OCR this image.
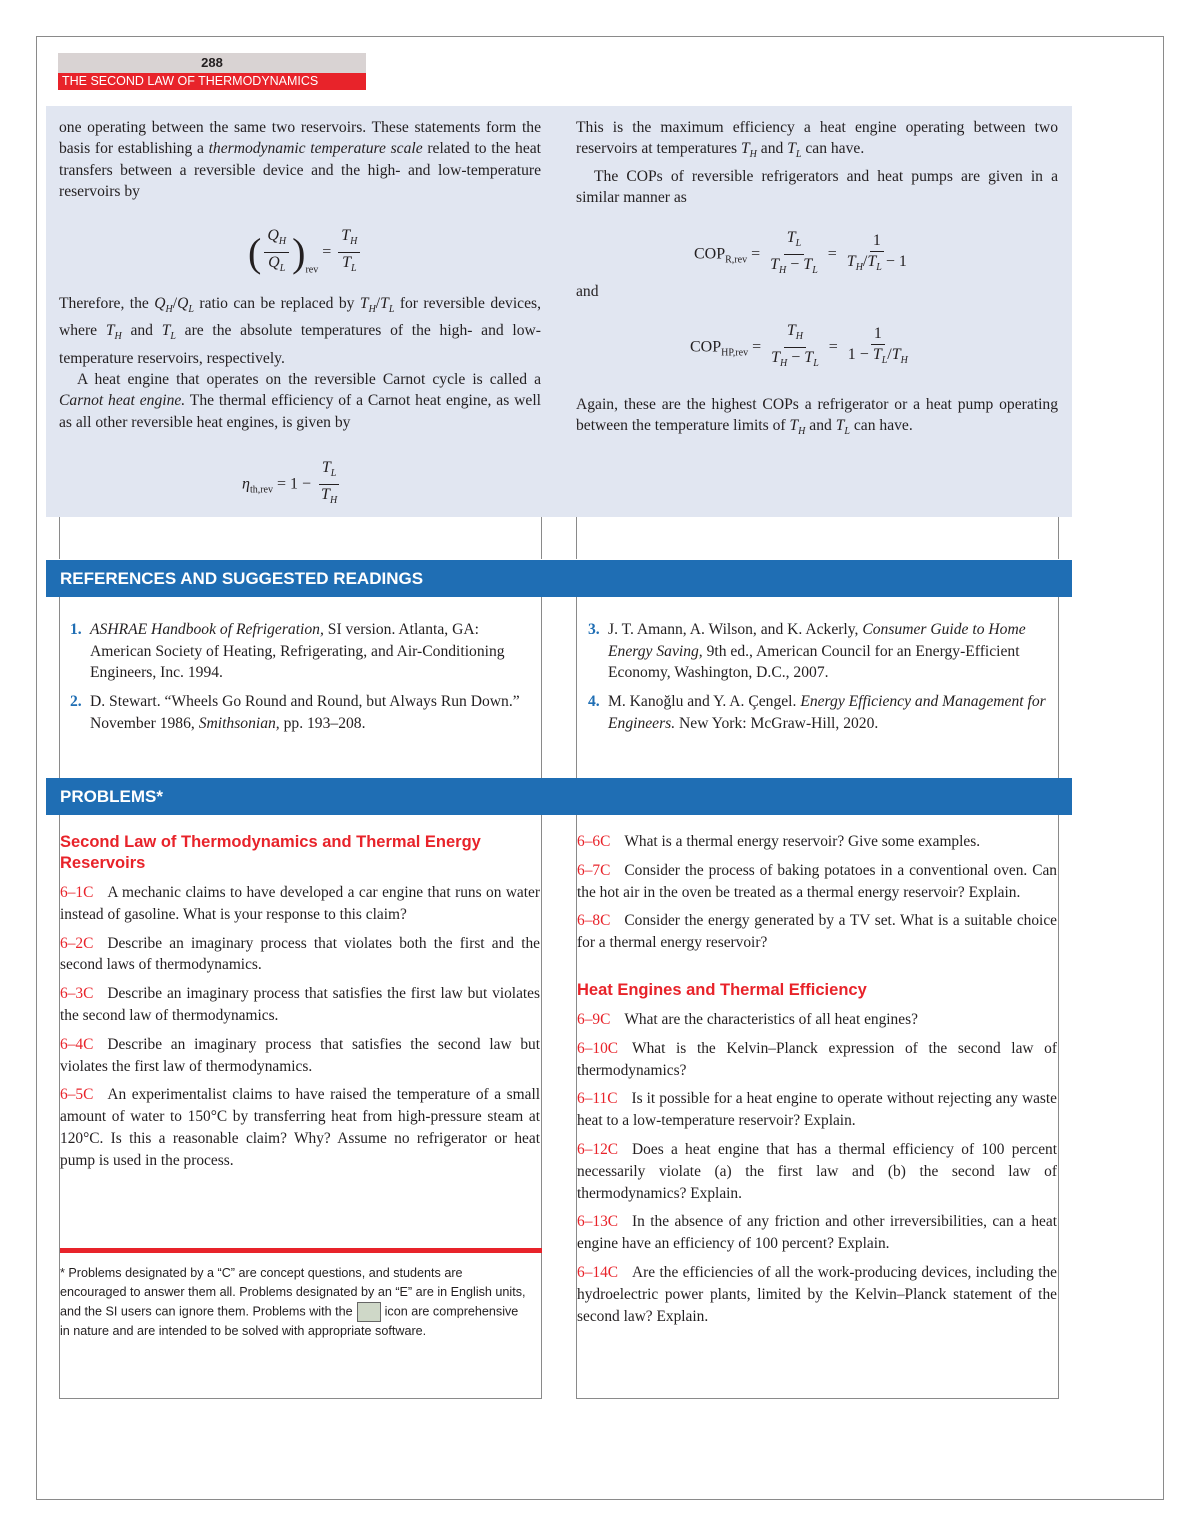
288
THE SECOND LAW OF THERMODYNAMICS

one operating between the same two reservoirs. These statements form the basis for establishing a thermodynamic temperature scale related to the heat transfers between a reversible device and the high- and low-temperature reservoirs by

( $\frac{Q_H}{Q_L} )_{rev} = \frac{T_H}{T_L}$

Therefore, the $Q_H/Q_L$ ratio can be replaced by $T_H/T_L$ for reversible devices, where $T_H$ and $T_L$ are the absolute temperatures of the high- and low-temperature reservoirs, respectively.

A heat engine that operates on the reversible Carnot cycle is called a Carnot heat engine. The thermal efficiency of a Carnot heat engine, as well as all other reversible heat engines, is given by

$\eta_{th,rev} = 1 - \frac{T_L}{T_H}$

This is the maximum efficiency a heat engine operating between two reservoirs at temperatures $T_H$ and $T_L$ can have.

The COPs of reversible refrigerators and heat pumps are given in a similar manner as

$COP_{R,rev} = \frac{T_L}{T_H - T_L} = \frac{1}{T_H/T_L - 1}$

and

$COP_{HP,rev} = \frac{T_H}{T_H - T_L} = \frac{1}{1 - T_L/T_H}$

Again, these are the highest COPs a refrigerator or a heat pump operating between the temperature limits of $T_H$ and $T_L$ can have.

REFERENCES AND SUGGESTED READINGS
1. ASHRAE Handbook of Refrigeration, SI version. Atlanta, GA: American Society of Heating, Refrigerating, and Air-Conditioning Engineers, Inc. 1994.
2. D. Stewart. “Wheels Go Round and Round, but Always Run Down.” November 1986, Smithsonian, pp. 193–208.
3. J. T. Amann, A. Wilson, and K. Ackerly, Consumer Guide to Home Energy Saving, 9th ed., American Council for an Energy-Efficient Economy, Washington, D.C., 2007.
4. M. Kanoğlu and Y. A. Çengel. Energy Efficiency and Management for Engineers. New York: McGraw-Hill, 2020.
PROBLEMS*
Second Law of Thermodynamics and Thermal Energy Reservoirs
6–1C A mechanic claims to have developed a car engine that runs on water instead of gasoline. What is your response to this claim?
6–2C Describe an imaginary process that violates both the first and the second laws of thermodynamics.
6–3C Describe an imaginary process that satisfies the first law but violates the second law of thermodynamics.
6–4C Describe an imaginary process that satisfies the second law but violates the first law of thermodynamics.
6–5C An experimentalist claims to have raised the temperature of a small amount of water to 150°C by transferring heat from high-pressure steam at 120°C. Is this a reasonable claim? Why? Assume no refrigerator or heat pump is used in the process.
* Problems designated by a “C” are concept questions, and students are encouraged to answer them all. Problems designated by an “E” are in English units, and the SI users can ignore them. Problems with the	icon are comprehensive in nature and are intended to be solved with appropriate software.
6–6C What is a thermal energy reservoir? Give some examples.
6–7C Consider the process of baking potatoes in a conventional oven. Can the hot air in the oven be treated as a thermal energy reservoir? Explain.
6–8C Consider the energy generated by a TV set. What is a suitable choice for a thermal energy reservoir?
Heat Engines and Thermal Efficiency
6–9C What are the characteristics of all heat engines?
6–10C What is the Kelvin–Planck expression of the second law of thermodynamics?
6–11C Is it possible for a heat engine to operate without rejecting any waste heat to a low-temperature reservoir? Explain.
6–12C Does a heat engine that has a thermal efficiency of 100 percent necessarily violate (a) the first law and (b) the second law of thermodynamics? Explain.
6–13C In the absence of any friction and other irreversibilities, can a heat engine have an efficiency of 100 percent? Explain.
6–14C Are the efficiencies of all the work-producing devices, including the hydroelectric power plants, limited by the Kelvin–Planck statement of the second law? Explain.
